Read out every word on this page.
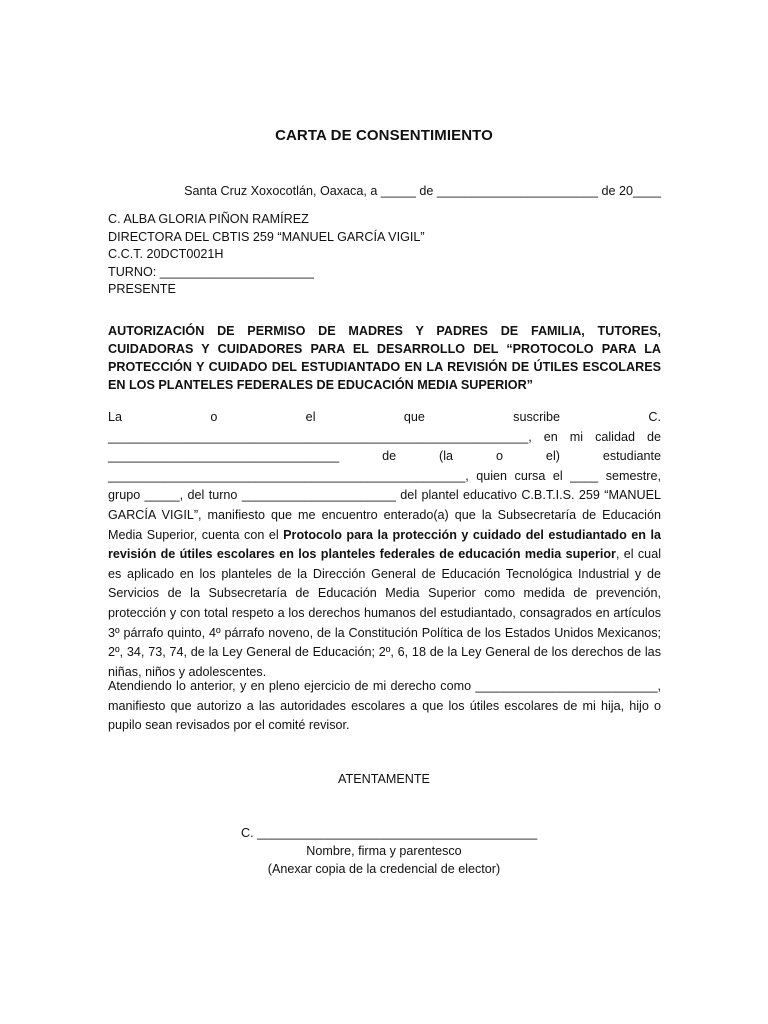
CARTA DE CONSENTIMIENTO
Santa Cruz Xoxocotlán, Oaxaca, a _____ de _______________________ de 20____
C. ALBA GLORIA PIÑON RAMÍREZ
DIRECTORA DEL CBTIS 259 “MANUEL GARCÍA VIGIL”
C.C.T. 20DCT0021H
TURNO: ______________________
PRESENTE
AUTORIZACIÓN DE PERMISO DE MADRES Y PADRES DE FAMILIA, TUTORES, CUIDADORAS Y CUIDADORES PARA EL DESARROLLO DEL “PROTOCOLO PARA LA PROTECCIÓN Y CUIDADO DEL ESTUDIANTADO EN LA REVISIÓN DE ÚTILES ESCOLARES EN LOS PLANTELES FEDERALES DE EDUCACIÓN MEDIA SUPERIOR”
La o el que suscribe C. ____________________________________________________________, en mi calidad de _________________________________ de (la o el) estudiante ___________________________________________________, quien cursa el ____ semestre, grupo _____, del turno ______________________ del plantel educativo C.B.T.I.S. 259 “MANUEL GARCÍA VIGIL”, manifiesto que me encuentro enterado(a) que la Subsecretaría de Educación Media Superior, cuenta con el Protocolo para la protección y cuidado del estudiantado en la revisión de útiles escolares en los planteles federales de educación media superior, el cual es aplicado en los planteles de la Dirección General de Educación Tecnológica Industrial y de Servicios de la Subsecretaría de Educación Media Superior como medida de prevención, protección y con total respeto a los derechos humanos del estudiantado, consagrados en artículos 3º párrafo quinto, 4º párrafo noveno, de la Constitución Política de los Estados Unidos Mexicanos; 2º, 34, 73, 74, de la Ley General de Educación; 2º, 6, 18 de la Ley General de los derechos de las niñas, niños y adolescentes.
Atendiendo lo anterior, y en pleno ejercicio de mi derecho como __________________________, manifiesto que autorizo a las autoridades escolares a que los útiles escolares de mi hija, hijo o pupilo sean revisados por el comité revisor.
ATENTAMENTE
C. ________________________________________
Nombre, firma y parentesco
(Anexar copia de la credencial de elector)
